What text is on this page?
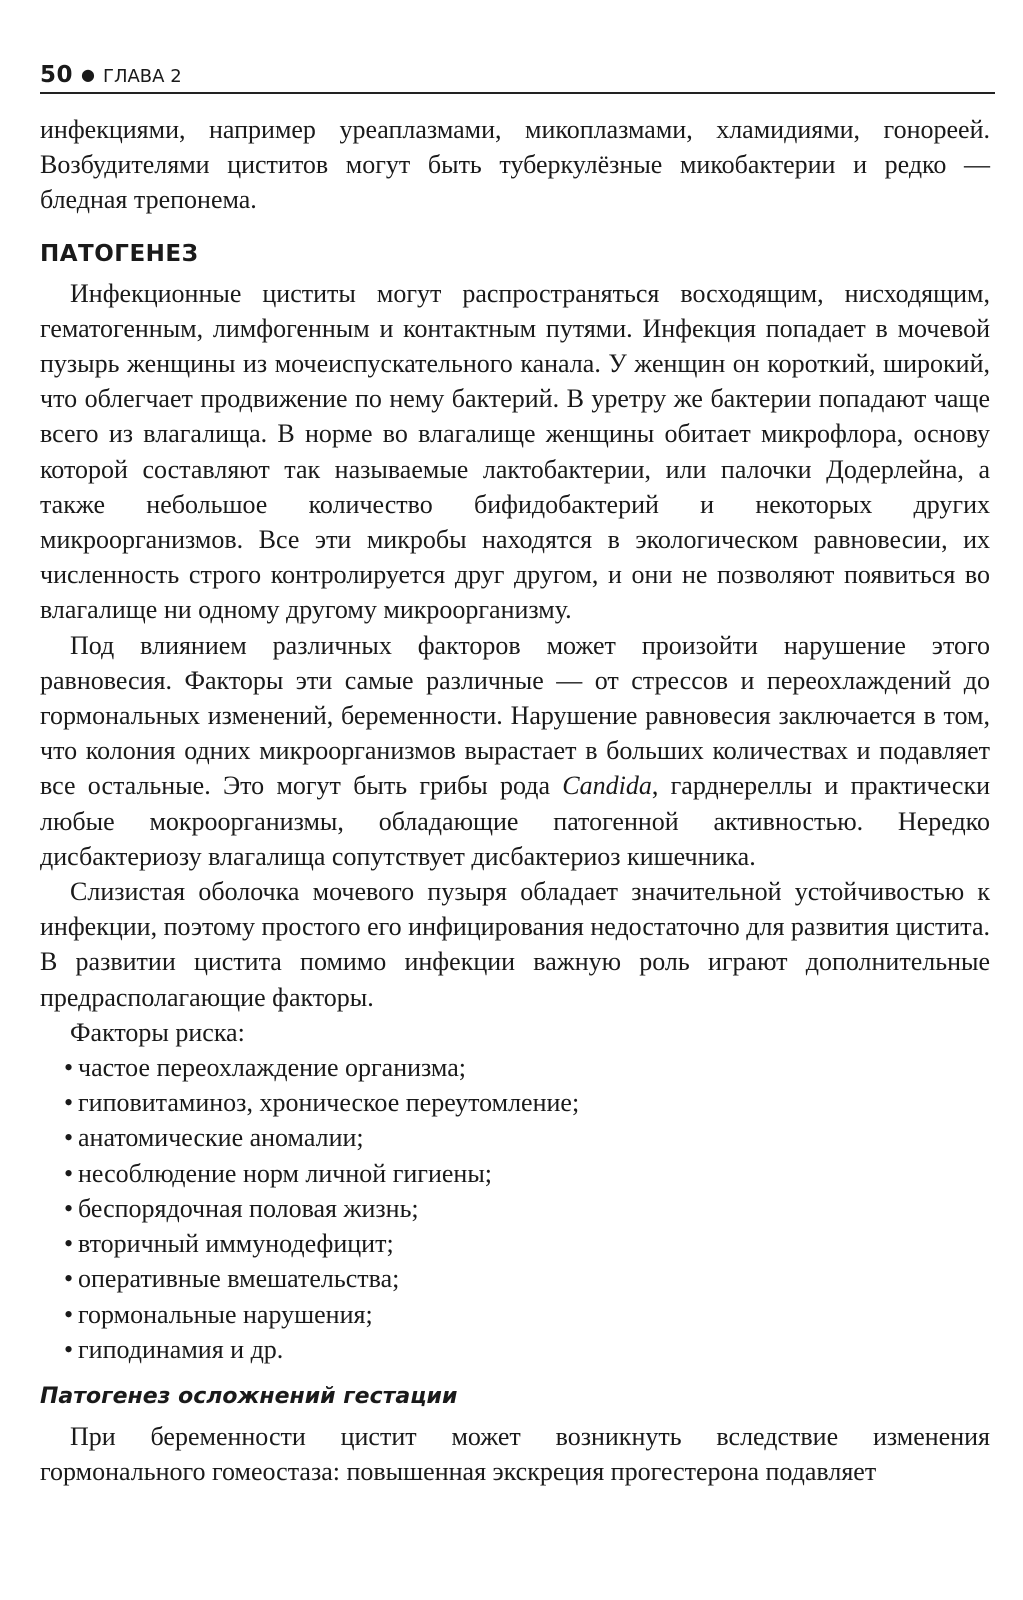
50 ● ГЛАВА 2

инфекциями, например уреаплазмами, микоплазмами, хламидиями, гонореей. Возбудителями циститов могут быть туберкулёзные микобактерии и редко — бледная трепонема.

ПАТОГЕНЕЗ

Инфекционные циститы могут распространяться восходящим, нисходящим, гематогенным, лимфогенным и контактным путями. Инфекция попадает в мочевой пузырь женщины из мочеиспускательного канала. У женщин он короткий, широкий, что облегчает продвижение по нему бактерий. В уретру же бактерии попадают чаще всего из влагалища. В норме во влагалище женщины обитает микрофлора, основу которой составляют так называемые лактобактерии, или палочки Додерлейна, а также небольшое количество бифидобактерий и некоторых других микроорганизмов. Все эти микробы находятся в экологическом равновесии, их численность строго контролируется друг другом, и они не позволяют появиться во влагалище ни одному другому микроорганизму.

Под влиянием различных факторов может произойти нарушение этого равновесия. Факторы эти самые различные — от стрессов и переохлаждений до гормональных изменений, беременности. Нарушение равновесия заключается в том, что колония одних микроорганизмов вырастает в больших количествах и подавляет все остальные. Это могут быть грибы рода Candida, гарднереллы и практически любые мокроорганизмы, обладающие патогенной активностью. Нередко дисбактериозу влагалища сопутствует дисбактериоз кишечника.

Слизистая оболочка мочевого пузыря обладает значительной устойчивостью к инфекции, поэтому простого его инфицирования недостаточно для развития цистита. В развитии цистита помимо инфекции важную роль играют дополнительные предрасполагающие факторы.

Факторы риска:

• частое переохлаждение организма;
• гиповитаминоз, хроническое переутомление;
• анатомические аномалии;
• несоблюдение норм личной гигиены;
• беспорядочная половая жизнь;
• вторичный иммунодефицит;
• оперативные вмешательства;
• гормональные нарушения;
• гиподинамия и др.
Патогенез осложнений гестации

При беременности цистит может возникнуть вследствие изменения гормонального гомеостаза: повышенная экскреция прогестерона подавляет
